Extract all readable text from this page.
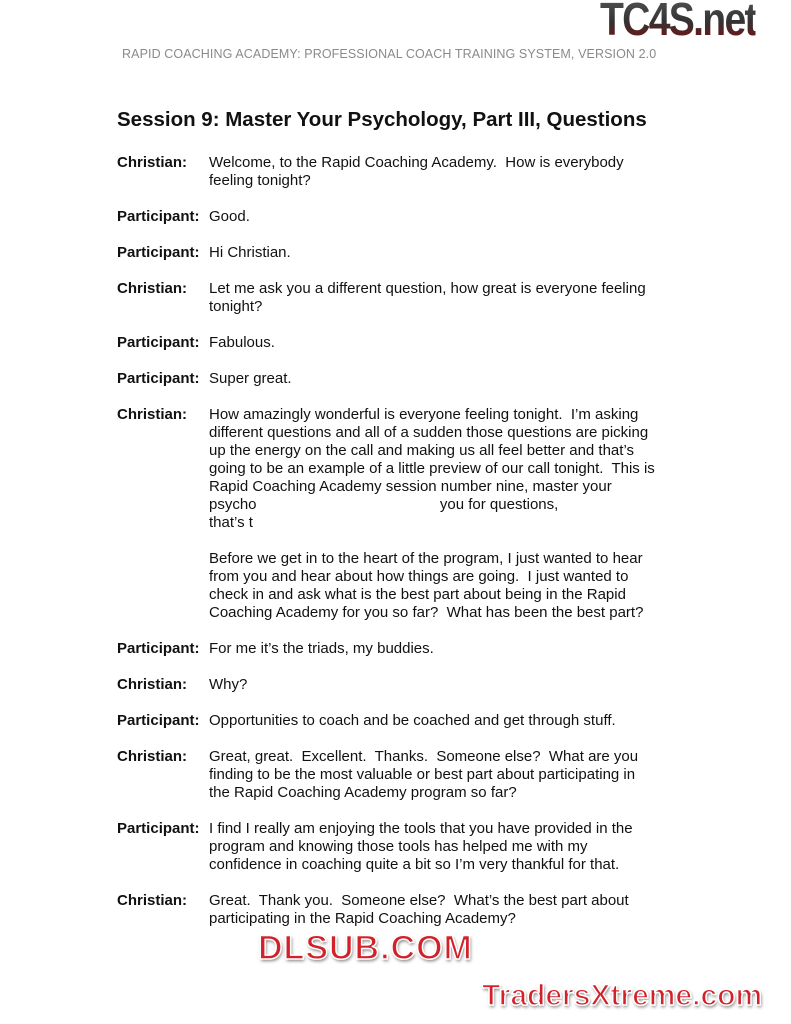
RAPID COACHING ACADEMY: PROFESSIONAL COACH TRAINING SYSTEM, VERSION 2.0
TC4S.net
Session 9: Master Your Psychology, Part III, Questions
Christian:	Welcome, to the Rapid Coaching Academy.  How is everybody
feeling tonight?
Participant: Good.
Participant: Hi Christian.
Christian:	Let me ask you a different question, how great is everyone feeling
tonight?
Participant: Fabulous.
Participant: Super great.
Christian:	How amazingly wonderful is everyone feeling tonight.  I’m asking
different questions and all of a sudden those questions are picking
up the energy on the call and making us all feel better and that’s
going to be an example of a little preview of our call tonight.  This is
Rapid Coaching Academy session number nine, master your
psycho                                            you for questions,
that’s t
Before we get in to the heart of the program, I just wanted to hear
from you and hear about how things are going.  I just wanted to
check in and ask what is the best part about being in the Rapid
Coaching Academy for you so far?  What has been the best part?
Participant: For me it’s the triads, my buddies.
Christian:	Why?
Participant: Opportunities to coach and be coached and get through stuff.
Christian:	Great, great.  Excellent.  Thanks.  Someone else?  What are you
finding to be the most valuable or best part about participating in
the Rapid Coaching Academy program so far?
Participant: I find I really am enjoying the tools that you have provided in the
program and knowing those tools has helped me with my
confidence in coaching quite a bit so I’m very thankful for that.
Christian:	Great.  Thank you.  Someone else?  What’s the best part about
participating in the Rapid Coaching Academy?
DLSUB.COM
TradersXtreme.com
